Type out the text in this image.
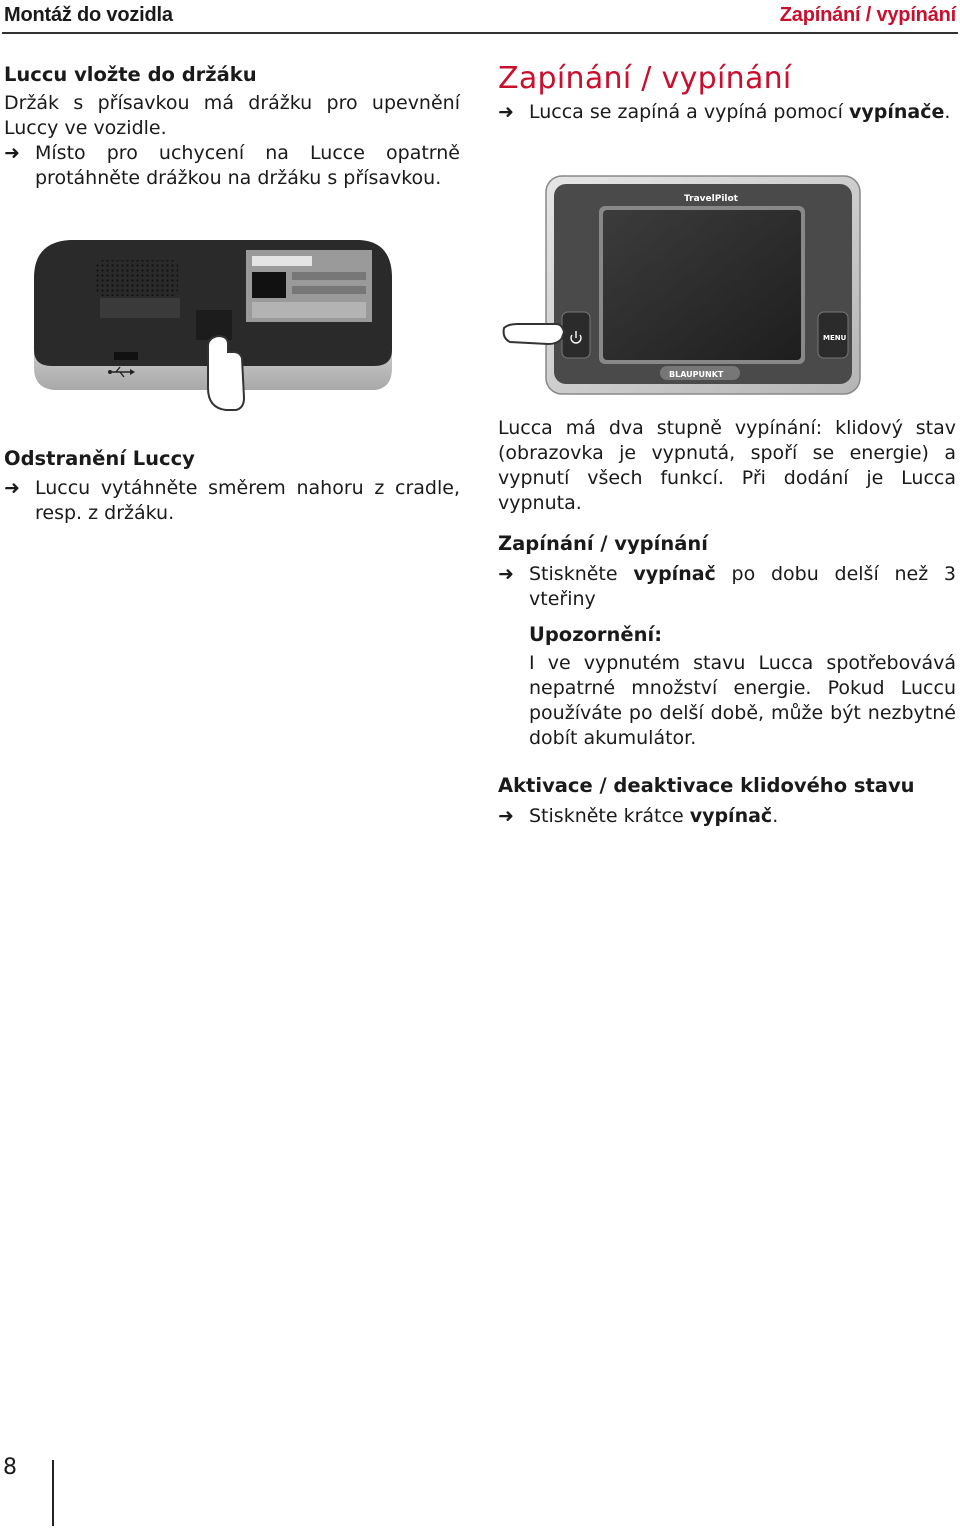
Montáž do vozidla	Zapínání / vypínání

Luccu vložte do držáku

Držák s přísavkou má drážku pro upevnění Luccy ve vozidle.

➜ Místo pro uchycení na Lucce opatrně protáhněte drážkou na držáku s přísavkou.

Odstranění Luccy

➜ Luccu vytáhněte směrem nahoru z cradle, resp. z držáku.

Zapínání / vypínání

➜ Lucca se zapíná a vypíná pomocí vypínače.

TravelPilot
MENU
BLAUPUNKT

Lucca má dva stupně vypínání: klidový stav (obrazovka je vypnutá, spoří se energie) a vypnutí všech funkcí. Při dodání je Lucca vypnuta.

Zapínání / vypínání

➜ Stiskněte vypínač po dobu delší než 3 vteřiny

Upozornění:

I ve vypnutém stavu Lucca spotřebovává nepatrné množství energie. Pokud Luccu používáte po delší době, může být nezbytné dobít akumulátor.

Aktivace / deaktivace klidového stavu

➜ Stiskněte krátce vypínač.

8
